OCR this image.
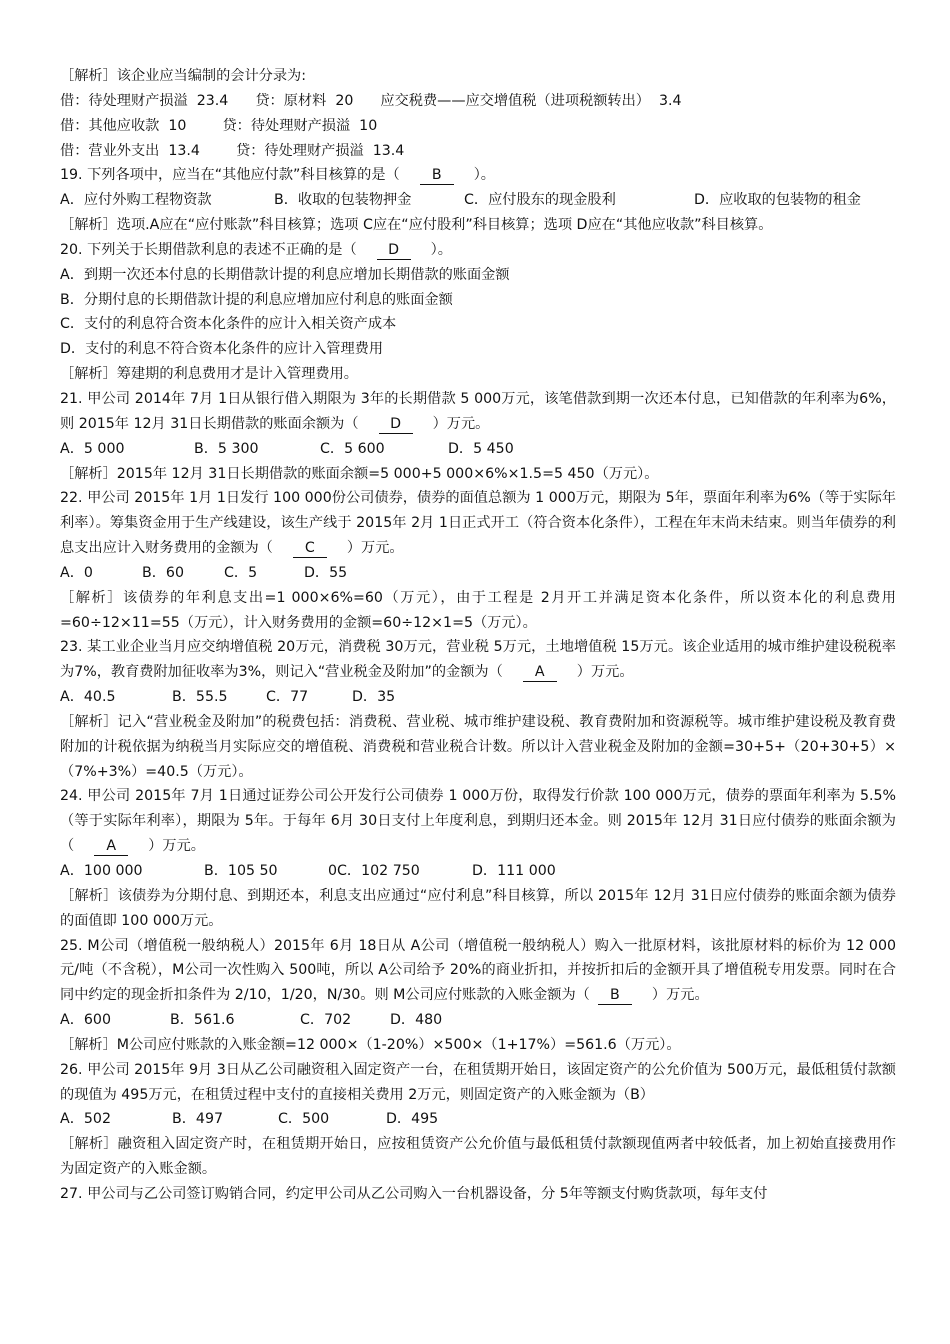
［解析］该企业应当编制的会计分录为:

借：待处理财产损溢  23.4      贷：原材料  20      应交税费——应交增值税（进项税额转出）  3.4

借：其他应收款  10        贷：待处理财产损溢  10

借：营业外支出  13.4        贷：待处理财产损溢  13.4

19. 下列各项中，应当在“其他应付款”科目核算的是（ B ）。

A．应付外购工程物资款	B．收取的包装物押金	C．应付股东的现金股利	D．应收取的包装物的租金

［解析］选项.A应在“应付账款”科目核算；选项 C应在“应付股利”科目核算；选项 D应在“其他应收款”科目核算。

20. 下列关于长期借款利息的表述不正确的是（ D ）。

A．到期一次还本付息的长期借款计提的利息应增加长期借款的账面金额

B．分期付息的长期借款计提的利息应增加应付利息的账面金额

C．支付的利息符合资本化条件的应计入相关资产成本

D．支付的利息不符合资本化条件的应计入管理费用

［解析］筹建期的利息费用才是计入管理费用。

21. 甲公司 2014年 7月 1日从银行借入期限为 3年的长期借款 5 000万元，该笔借款到期一次还本付息，已知借款的年利率为6%，则 2015年 12月 31日长期借款的账面余额为（ D ）万元。

A．5 000	B．5 300	C．5 600	D．5 450

［解析］2015年 12月 31日长期借款的账面余额=5 000+5 000×6%×1.5=5 450（万元）。

22. 甲公司 2015年 1月 1日发行 100 000份公司债券，债券的面值总额为 1 000万元，期限为 5年，票面年利率为6%（等于实际年利率）。筹集资金用于生产线建设，该生产线于 2015年 2月 1日正式开工（符合资本化条件），工程在年末尚未结束。则当年债券的利息支出应计入财务费用的金额为（ C ）万元。

A．0	B．60	C．5	D．55

［解析］该债券的年利息支出=1 000×6%=60（万元），由于工程是 2月开工并满足资本化条件，所以资本化的利息费用=60÷12×11=55（万元），计入财务费用的金额=60÷12×1=5（万元）。

23. 某工业企业当月应交纳增值税 20万元，消费税 30万元，营业税 5万元，土地增值税 15万元。该企业适用的城市维护建设税税率为7%，教育费附加征收率为3%，则记入“营业税金及附加”的金额为（ A ）万元。

A．40.5	B．55.5	C．77	D．35

［解析］记入“营业税金及附加”的税费包括：消费税、营业税、城市维护建设税、教育费附加和资源税等。城市维护建设税及教育费附加的计税依据为纳税当月实际应交的增值税、消费税和营业税合计数。所以计入营业税金及附加的金额=30+5+（20+30+5）×（7%+3%）=40.5（万元）。

24. 甲公司 2015年 7月 1日通过证券公司公开发行公司债券 1 000万份，取得发行价款 100 000万元，债券的票面年利率为 5.5%（等于实际年利率），期限为 5年。于每年 6月 30日支付上年度利息，到期归还本金。则 2015年 12月 31日应付债券的账面余额为（ A ）万元。

A．100 000	B．105 50	0C．102 750	D．111 000

［解析］该债券为分期付息、到期还本，利息支出应通过“应付利息”科目核算，所以 2015年 12月 31日应付债券的账面余额为债券的面值即 100 000万元。

25. M公司（增值税一般纳税人）2015年 6月 18日从 A公司（增值税一般纳税人）购入一批原材料，该批原材料的标价为 12 000元/吨（不含税），M公司一次性购入 500吨，所以 A公司给予 20%的商业折扣，并按折扣后的金额开具了增值税专用发票。同时在合同中约定的现金折扣条件为 2/10，1/20，N/30。则 M公司应付账款的入账金额为（ B ）万元。

A．600	B．561.6	C．702	D．480

［解析］M公司应付账款的入账金额=12 000×（1-20%）×500×（1+17%）=561.6（万元）。

26. 甲公司 2015年 9月 3日从乙公司融资租入固定资产一台，在租赁期开始日，该固定资产的公允价值为 500万元，最低租赁付款额的现值为 495万元，在租赁过程中支付的直接相关费用 2万元，则固定资产的入账金额为（B）

A．502	B．497	C．500	D．495

［解析］融资租入固定资产时，在租赁期开始日，应按租赁资产公允价值与最低租赁付款额现值两者中较低者，加上初始直接费用作为固定资产的入账金额。

27. 甲公司与乙公司签订购销合同，约定甲公司从乙公司购入一台机器设备，分 5年等额支付购货款项，每年支付
